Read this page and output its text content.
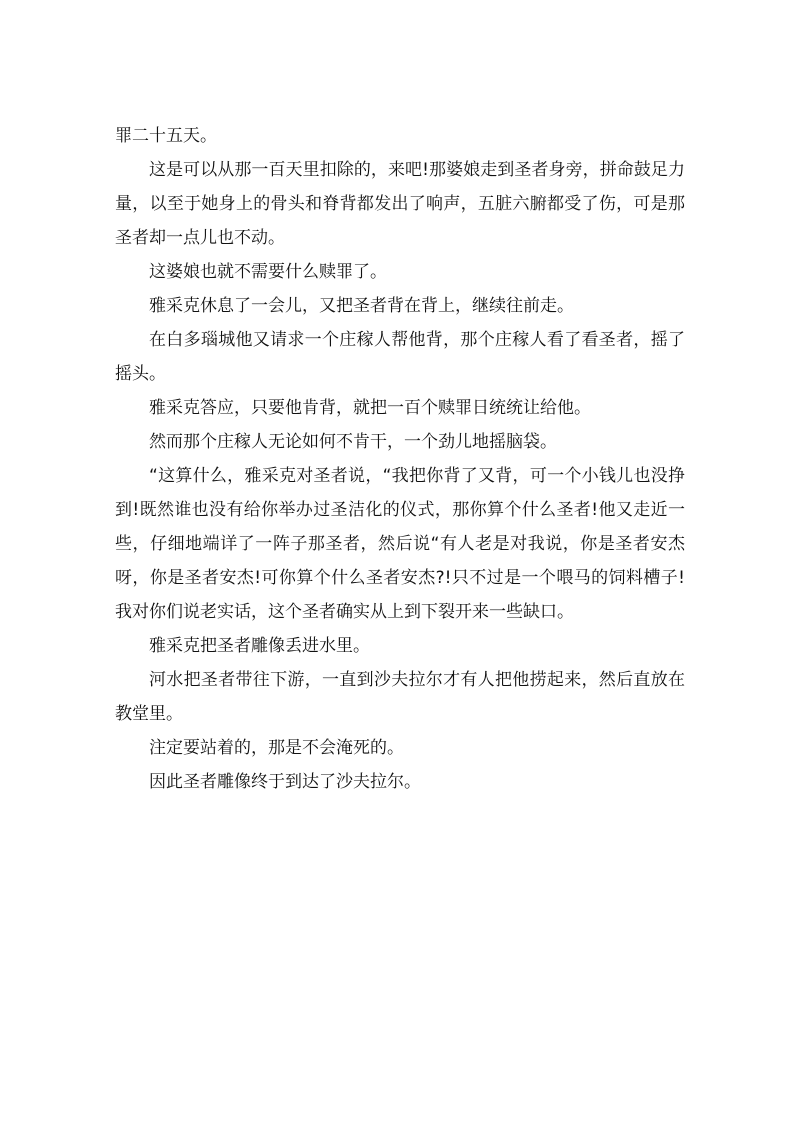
罪二十五天。

这是可以从那一百天里扣除的，来吧!那婆娘走到圣者身旁，拼命鼓足力量，以至于她身上的骨头和脊背都发出了响声，五脏六腑都受了伤，可是那圣者却一点儿也不动。

这婆娘也就不需要什么赎罪了。

雅采克休息了一会儿，又把圣者背在背上，继续往前走。

在白多瑙城他又请求一个庄稼人帮他背，那个庄稼人看了看圣者，摇了摇头。

雅采克答应，只要他肯背，就把一百个赎罪日统统让给他。

然而那个庄稼人无论如何不肯干，一个劲儿地摇脑袋。

“这算什么，雅采克对圣者说，“我把你背了又背，可一个小钱儿也没挣到!既然谁也没有给你举办过圣洁化的仪式，那你算个什么圣者!他又走近一些，仔细地端详了一阵子那圣者，然后说“有人老是对我说，你是圣者安杰呀，你是圣者安杰!可你算个什么圣者安杰?!只不过是一个喂马的饲料槽子!我对你们说老实话，这个圣者确实从上到下裂开来一些缺口。

雅采克把圣者雕像丢进水里。

河水把圣者带往下游，一直到沙夫拉尔才有人把他捞起来，然后直放在教堂里。

注定要站着的，那是不会淹死的。

因此圣者雕像终于到达了沙夫拉尔。
